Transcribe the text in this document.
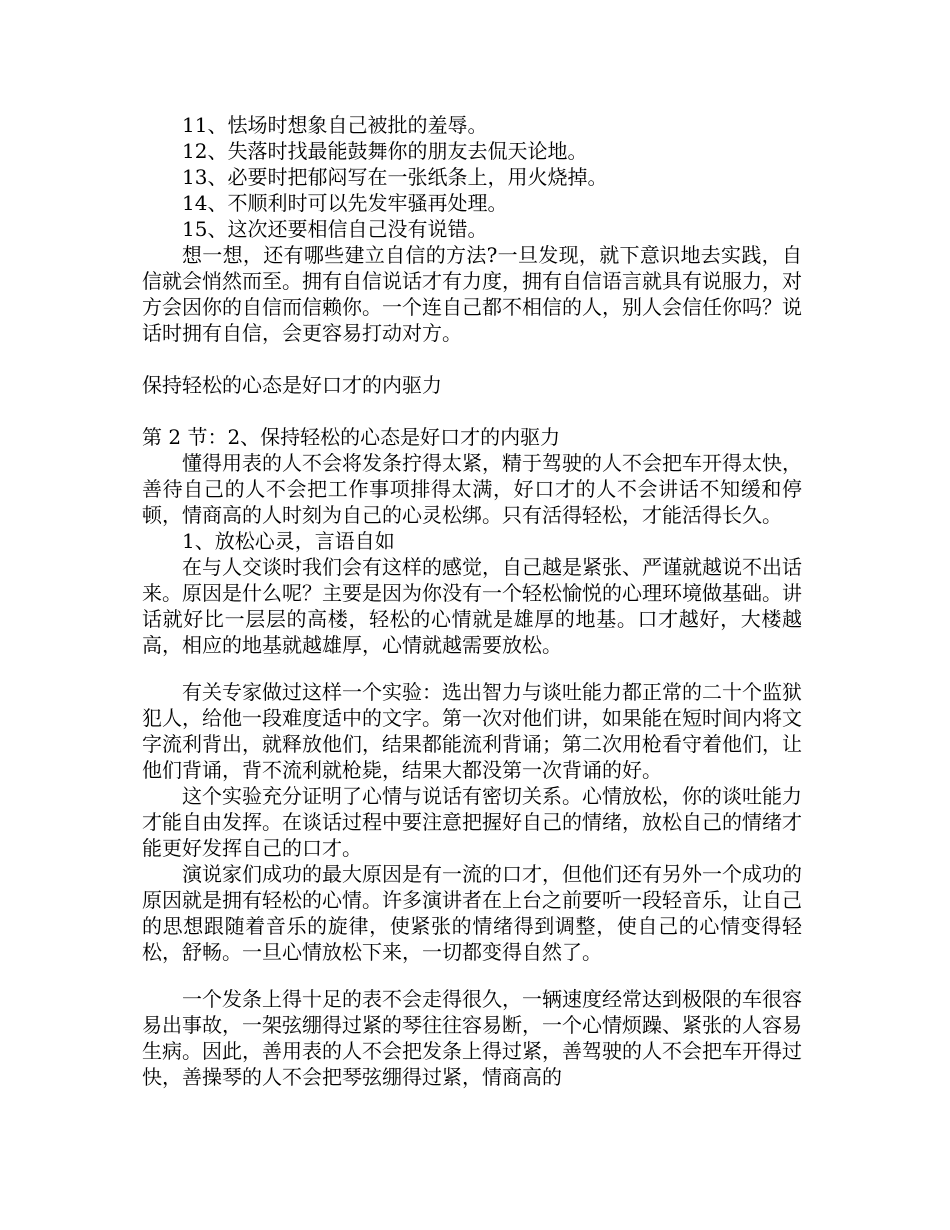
11、怯场时想象自己被批的羞辱。

12、失落时找最能鼓舞你的朋友去侃天论地。

13、必要时把郁闷写在一张纸条上，用火烧掉。

14、不顺利时可以先发牢骚再处理。

15、这次还要相信自己没有说错。

想一想，还有哪些建立自信的方法?一旦发现，就下意识地去实践，自信就会悄然而至。拥有自信说话才有力度，拥有自信语言就具有说服力，对方会因你的自信而信赖你。一个连自己都不相信的人，别人会信任你吗？说话时拥有自信，会更容易打动对方。

保持轻松的心态是好口才的内驱力

第 2 节：2、保持轻松的心态是好口才的内驱力

懂得用表的人不会将发条拧得太紧，精于驾驶的人不会把车开得太快，善待自己的人不会把工作事项排得太满，好口才的人不会讲话不知缓和停顿，情商高的人时刻为自己的心灵松绑。只有活得轻松，才能活得长久。

1、放松心灵，言语自如

在与人交谈时我们会有这样的感觉，自己越是紧张、严谨就越说不出话来。原因是什么呢？主要是因为你没有一个轻松愉悦的心理环境做基础。讲话就好比一层层的高楼，轻松的心情就是雄厚的地基。口才越好，大楼越高，相应的地基就越雄厚，心情就越需要放松。

有关专家做过这样一个实验：选出智力与谈吐能力都正常的二十个监狱犯人，给他一段难度适中的文字。第一次对他们讲，如果能在短时间内将文字流利背出，就释放他们，结果都能流利背诵；第二次用枪看守着他们，让他们背诵，背不流利就枪毙，结果大都没第一次背诵的好。

这个实验充分证明了心情与说话有密切关系。心情放松，你的谈吐能力才能自由发挥。在谈话过程中要注意把握好自己的情绪，放松自己的情绪才能更好发挥自己的口才。

演说家们成功的最大原因是有一流的口才，但他们还有另外一个成功的原因就是拥有轻松的心情。许多演讲者在上台之前要听一段轻音乐，让自己的思想跟随着音乐的旋律，使紧张的情绪得到调整，使自己的心情变得轻松，舒畅。一旦心情放松下来，一切都变得自然了。

一个发条上得十足的表不会走得很久，一辆速度经常达到极限的车很容易出事故，一架弦绷得过紧的琴往往容易断，一个心情烦躁、紧张的人容易生病。因此，善用表的人不会把发条上得过紧，善驾驶的人不会把车开得过快，善操琴的人不会把琴弦绷得过紧，情商高的
